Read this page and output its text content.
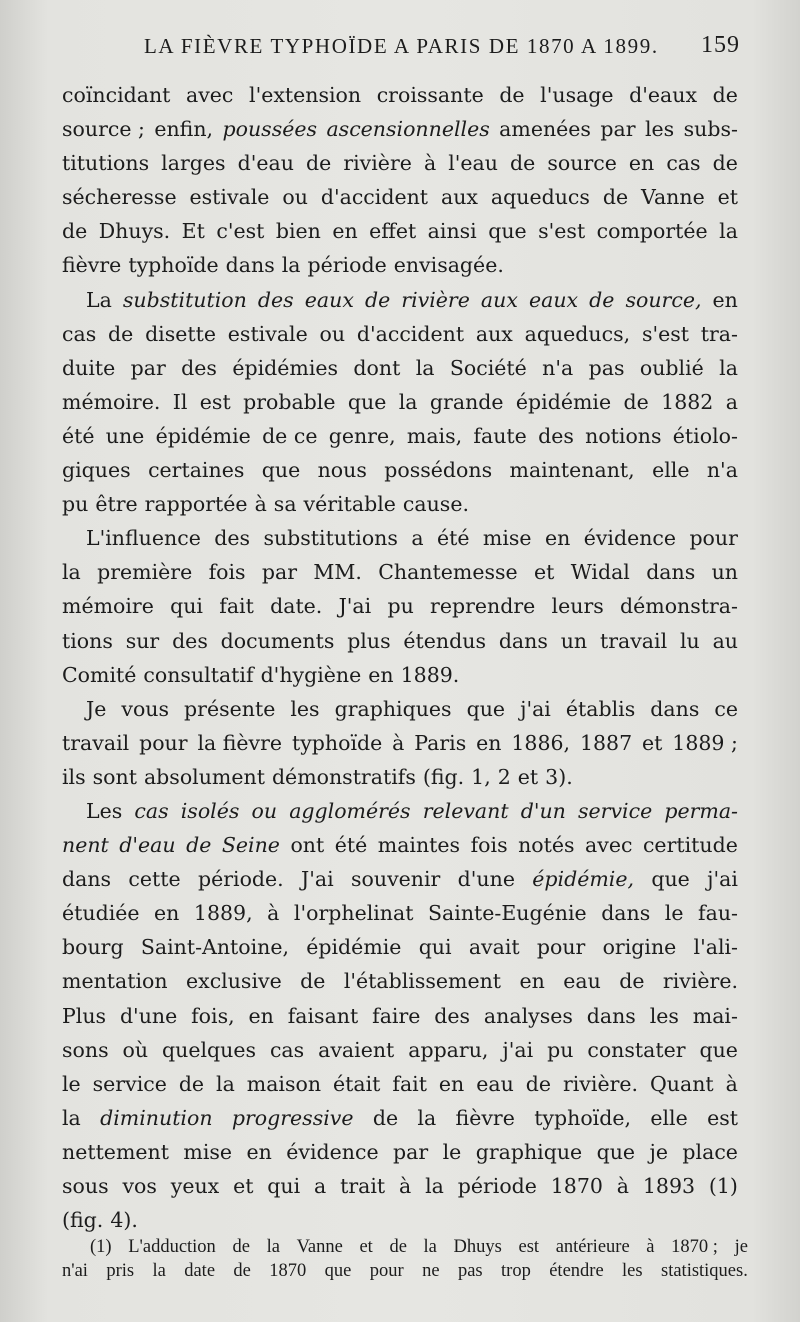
LA FIÈVRE TYPHOÏDE A PARIS DE 1870 A 1899. 159
coïncidant avec l'extension croissante de l'usage d'eaux de
source ; enfin, poussées ascensionnelles amenées par les subs-
titutions larges d'eau de rivière à l'eau de source en cas de
sécheresse estivale ou d'accident aux aqueducs de Vanne et
de Dhuys. Et c'est bien en effet ainsi que s'est comportée la
fièvre typhoïde dans la période envisagée.
La substitution des eaux de rivière aux eaux de source, en
cas de disette estivale ou d'accident aux aqueducs, s'est tra-
duite par des épidémies dont la Société n'a pas oublié la
mémoire. Il est probable que la grande épidémie de 1882 a
été une épidémie de ce genre, mais, faute des notions étiolo-
giques certaines que nous possédons maintenant, elle n'a
pu être rapportée à sa véritable cause.
L'influence des substitutions a été mise en évidence pour
la première fois par MM. Chantemesse et Widal dans un
mémoire qui fait date. J'ai pu reprendre leurs démonstra-
tions sur des documents plus étendus dans un travail lu au
Comité consultatif d'hygiène en 1889.
Je vous présente les graphiques que j'ai établis dans ce
travail pour la fièvre typhoïde à Paris en 1886, 1887 et 1889 ;
ils sont absolument démonstratifs (fig. 1, 2 et 3).
Les cas isolés ou agglomérés relevant d'un service perma-
nent d'eau de Seine ont été maintes fois notés avec certitude
dans cette période. J'ai souvenir d'une épidémie, que j'ai
étudiée en 1889, à l'orphelinat Sainte-Eugénie dans le fau-
bourg Saint-Antoine, épidémie qui avait pour origine l'ali-
mentation exclusive de l'établissement en eau de rivière.
Plus d'une fois, en faisant faire des analyses dans les mai-
sons où quelques cas avaient apparu, j'ai pu constater que
le service de la maison était fait en eau de rivière. Quant à
la diminution progressive de la fièvre typhoïde, elle est
nettement mise en évidence par le graphique que je place
sous vos yeux et qui a trait à la période 1870 à 1893 (1)
(fig. 4).
(1) L'adduction de la Vanne et de la Dhuys est antérieure à 1870 ; je
n'ai pris la date de 1870 que pour ne pas trop étendre les statistiques.
